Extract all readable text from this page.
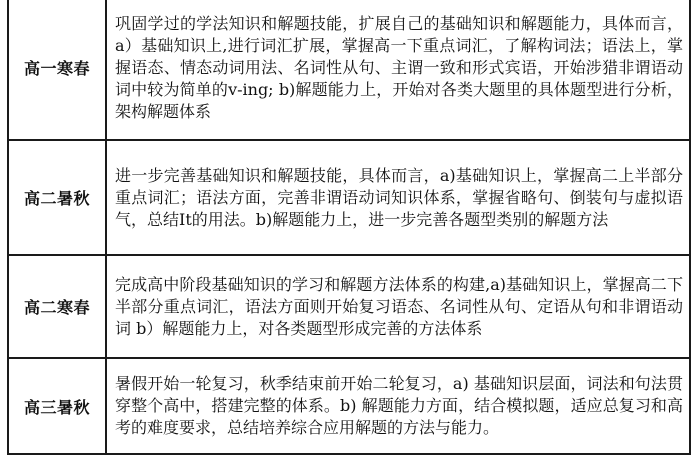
高一寒春	巩固学过的学法知识和解题技能，扩展自己的基础知识和解题能力，具体而言，a）基础知识上,进行词汇扩展，掌握高一下重点词汇，了解构词法；语法上，掌握语态、情态动词用法、名词性从句、主谓一致和形式宾语，开始涉猎非谓语动词中较为简单的v-ing; b)解题能力上，开始对各类大题里的具体题型进行分析，架构解题体系
高二暑秋	进一步完善基础知识和解题技能，具体而言，a)基础知识上，掌握高二上半部分重点词汇；语法方面，完善非谓语动词知识体系，掌握省略句、倒装句与虚拟语气，总结It的用法。b)解题能力上，进一步完善各题型类别的解题方法
高二寒春	完成高中阶段基础知识的学习和解题方法体系的构建,a)基础知识上，掌握高二下半部分重点词汇，语法方面则开始复习语态、名词性从句、定语从句和非谓语动词 b）解题能力上，对各类题型形成完善的方法体系
高三暑秋	暑假开始一轮复习，秋季结束前开始二轮复习，a) 基础知识层面，词法和句法贯穿整个高中，搭建完整的体系。b) 解题能力方面，结合模拟题，适应总复习和高考的难度要求，总结培养综合应用解题的方法与能力。
